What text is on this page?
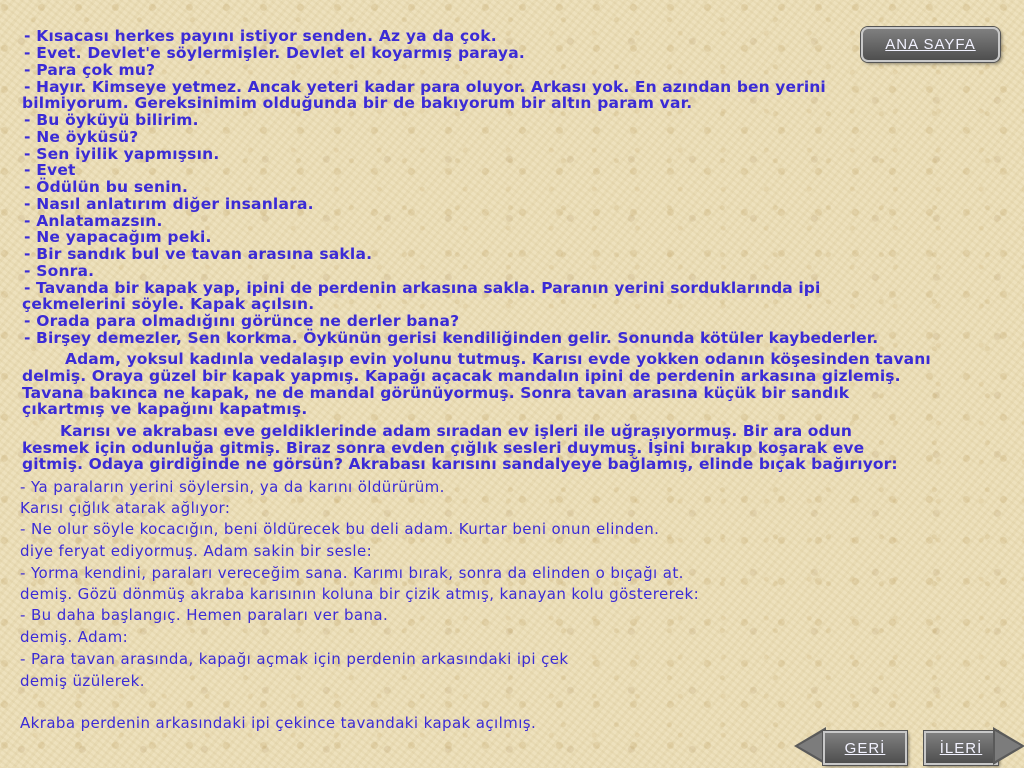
- Kısacası herkes payını istiyor senden. Az ya da çok.
- Evet. Devlet'e söylermişler. Devlet el koyarmış paraya.
- Para çok mu?
- Hayır. Kimseye yetmez. Ancak yeteri kadar para oluyor. Arkası yok. En azından ben yerini
bilmiyorum. Gereksinimim olduğunda bir de bakıyorum bir altın param var.
- Bu öyküyü bilirim.
- Ne öyküsü?
- Sen iyilik yapmışsın.
- Evet
- Ödülün bu senin.
- Nasıl anlatırım diğer insanlara.
- Anlatamazsın.
- Ne yapacağım peki.
- Bir sandık bul ve tavan arasına sakla.
- Sonra.
- Tavanda bir kapak yap, ipini de perdenin arkasına sakla. Paranın yerini sorduklarında ipi
çekmelerini söyle. Kapak açılsın.
- Orada para olmadığını görünce ne derler bana?
- Birşey demezler, Sen korkma. Öykünün gerisi kendiliğinden gelir. Sonunda kötüler kaybederler.
Adam, yoksul kadınla vedalaşıp evin yolunu tutmuş. Karısı evde yokken odanın köşesinden tavanı
delmiş. Oraya güzel bir kapak yapmış. Kapağı açacak mandalın ipini de perdenin arkasına gizlemiş.
Tavana bakınca ne kapak, ne de mandal görünüyormuş. Sonra tavan arasına küçük bir sandık
çıkartmış ve kapağını kapatmış.
Karısı ve akrabası eve geldiklerinde adam sıradan ev işleri ile uğraşıyormuş. Bir ara odun
kesmek için odunluğa gitmiş. Biraz sonra evden çığlık sesleri duymuş. İşini bırakıp koşarak eve
gitmiş. Odaya girdiğinde ne görsün? Akrabası karısını sandalyeye bağlamış, elinde bıçak bağırıyor:
- Ya paraların yerini söylersin, ya da karını öldürürüm.
Karısı çığlık atarak ağlıyor:
- Ne olur söyle kocacığın, beni öldürecek bu deli adam. Kurtar beni onun elinden.
diye feryat ediyormuş. Adam sakin bir sesle:
- Yorma kendini, paraları vereceğim sana. Karımı bırak, sonra da elinden o bıçağı at.
demiş. Gözü dönmüş akraba karısının koluna bir çizik atmış, kanayan kolu göstererek:
- Bu daha başlangıç. Hemen paraları ver bana.
demiş. Adam:
- Para tavan arasında, kapağı açmak için perdenin arkasındaki ipi çek
demiş üzülerek.
Akraba perdenin arkasındaki ipi çekince tavandaki kapak açılmış.
ANA SAYFA
GERİ	İLERİ
